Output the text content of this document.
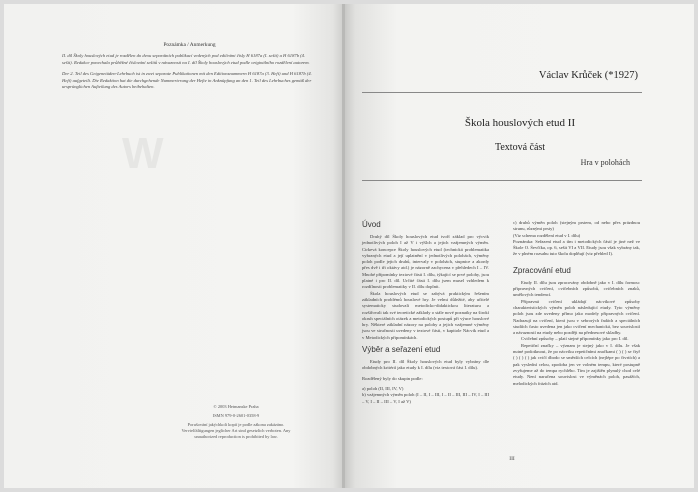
W
Poznámka / Anmerkung

II. díl Školy houslových etud je rozdělen do dvou separátních publikací vedených pod edičními čísly H 6187a (I. sešit) a H 6187b (4. sešit). Redakce ponechala průběžné číslování sešitů v návaznosti na I. díl Školy houslových etud podle originálního rozdělení autorem.

Der 2. Teil des Geigenetüden-Lehrbuch ist in zwei separate Publikationen mit den Editionsnummern H 6187a (3. Heft) und H 6187b (4. Heft) aufgeteilt. Die Redaktion hat die durchgehende Nummerierung der Hefte in Anknüpfung an den 1. Teil des Lehrbuches gemäß der ursprünglichen Aufteilung des Autors beibehalten.

© 2003 Hetmanske Praha

ISMN 979-0-2601-0358-9

Porušování jakýchkoli kopií je podle zákona zakázáno. Vervielfältigungen jeglicher Art sind gesetzlich verboten. Any unauthorized reproduction is prohibited by law.

Václav Krůček (*1927)
Škola houslových etud II
Textová část
Hra v polohách
Úvod

Druhý díl Školy houslových etud tvoří základ pro výcvik jednotlivých poloh I až V i výšlch a jejich vzájemných výměn. Cirkevá koncepce Školy houslových etud (technická problematika vybraných etud a její uplatnění v jednotlivých polohách, výměny poloh podle jejich druhů, intervaly v polohách, stupnice a akordy přes dvě i tři oktávy atd.) je názorně zachycena v přehledech I – IV. Mnohé přípomínky textové části I. dílu, týkající se prvé polohy, jsou platné i pro II. díl. Určité části I. dílu jsem musel vzhledem k rozdílnosti problematiky v II. dílu doplnit.

Škola houslových etud se zabývá praktickým řešením základních problémů houslové hry. Je velmi důležité, aby učitelé systematicky studovali metodicko-didaktickou literaturu a rozšiřovali tak své teoretické základy o stále nové poznatky na širokí okruh speciálních otázek a metodických postupů při výuce houslové hry. Některé základní názory na polohy a jejich vzájemné výměny jsou ve stručnosti uvedeny v textové části, v kapitole Nácvik etud a v Metodických připomínkách.

Výběr a seřazení etud

Etudy pro II. díl Školy houslových etud byly vybrány dle obdobných kritérií jako etudy k I. dílu (viz textová část I. dílu).

Rozdělený byly do skupin podle:

a) poloh (II, III, IV, V)

b) vzájemných výměn poloh (I – II, I – III, I – II – III, III – IV, I – III – V, I – II – III – V, I až V)

c) druhů výměn poloh (stejným prstem, od nebo přes prázdnou strunu, různými prsty)

(Viz schema rozdělení etud v I. dílu)

Poznámka: Seřazení etud a tím i metodických částí je jiné než ve Škole O. Ševčíka, op. 6, sešit VI a VII. Etudy jsou však vybrány tak, že v plném rozsahu tuto školu doplňují (viz přehled I).

Zpracování etud

Etudy II. dílu jsou zpracovány obdobně jako v I. dílu formou: připravných cvičení, cvičebních způsobů, cvičebních znaků, umělových tendencí.

Přípravná cvičení ukládají nácvikové způsoby charakteristických výměn poloh následující etudy. Tyto výměny poloh jsou zde uvedeny přímo jako modely připravných cvičení. Nadrazují na cvičení, která jsou v sebrorých řadách a speciálních studiích často uvedena jen jako cvičení mechanická, bez souvislostí a návazností na etudy nebo později na přednesové skladby.

Cvičební způsoby – platí stejné připomínky jako pro I. díl.

Repetiční značky – význam je stejný jako v I. dílu. Je však nutné podotknout, že po nácviku repetičními značkami ( ) ( ) se čtyř ( ) ( ) ( ) jak cvičí dbodo se směsších celcích (nejlépe po čtvrtích) a pak vyslední celou, zpodoba jen ve volném tempu, které postupně zvyšujeme až do tempa rychlého. Tím je zajištěn plynulý chod celé etudy. Není naručena souvislost ve výměnách poloh, pasážích, melodických frázích atd.

III
